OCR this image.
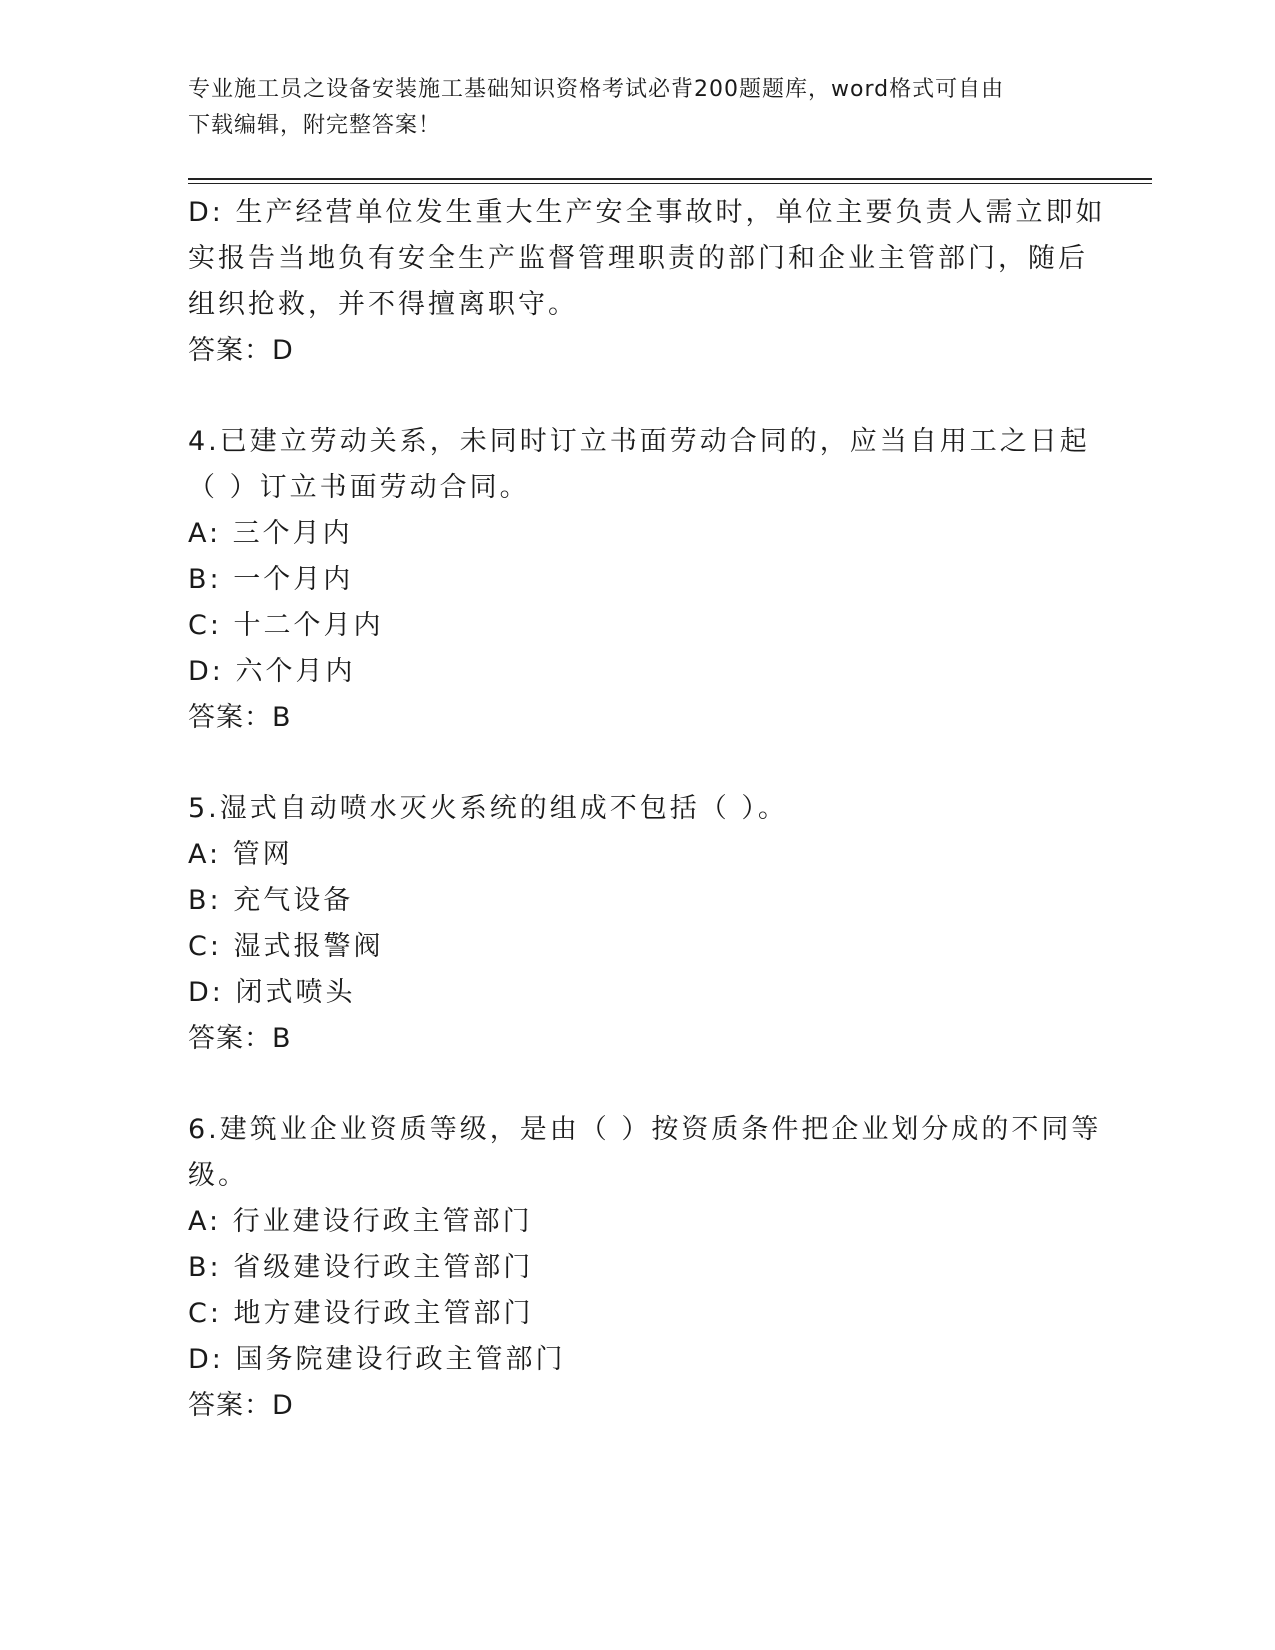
专业施工员之设备安装施工基础知识资格考试必背200题题库，word格式可自由
下载编辑，附完整答案！
D: 生产经营单位发生重大生产安全事故时，单位主要负责人需立即如
实报告当地负有安全生产监督管理职责的部门和企业主管部门，随后
组织抢救，并不得擅离职守。
答案：D
4.已建立劳动关系，未同时订立书面劳动合同的，应当自用工之日起
（ ）订立书面劳动合同。
A: 三个月内
B: 一个月内
C: 十二个月内
D: 六个月内
答案：B
5.湿式自动喷水灭火系统的组成不包括（ ）。
A: 管网
B: 充气设备
C: 湿式报警阀
D: 闭式喷头
答案：B
6.建筑业企业资质等级，是由（ ）按资质条件把企业划分成的不同等
级。
A: 行业建设行政主管部门
B: 省级建设行政主管部门
C: 地方建设行政主管部门
D: 国务院建设行政主管部门
答案：D
